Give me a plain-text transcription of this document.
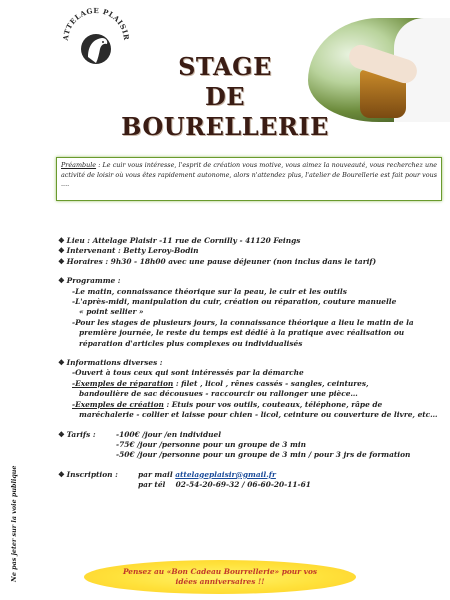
ATTELAGE PLAISIR
STAGE
DE
BOURELLERIE
Préambule : Le cuir vous intéresse, l'esprit de création vous motive, vous aimez la nouveauté, vous recherchez une activité de loisir où vous êtes rapidement autonome, alors n'attendez plus, l'atelier de Bourellerie est fait pour vous ....
❖ Lieu : Attelage Plaisir -11 rue de Cornilly - 41120 Feings
❖ Intervenant : Betty Leroy-Bodin
❖ Horaires : 9h30 - 18h00 avec une pause déjeuner (non inclus dans le tarif)
❖ Programme :
-Le matin, connaissance théorique sur la peau, le cuir et les outils
-L'après-midi, manipulation du cuir, création ou réparation, couture manuelle
« point sellier »
-Pour les stages de plusieurs jours, la connaissance théorique a lieu le matin de la
première journée, le reste du temps est dédié à la pratique avec réalisation ou
réparation d'articles plus complexes ou individualisés
❖ Informations diverses :
-Ouvert à tous ceux qui sont intéressés par la démarche
-Exemples de réparation : filet , licol , rênes cassés - sangles, ceintures,
bandoulière de sac décousues - raccourcir ou rallonger une pièce…
-Exemples de création : Etuis pour vos outils, couteaux, téléphone, râpe de
maréchalerie - collier et laisse pour chien - licol, ceinture ou couverture de livre, etc…
❖ Tarifs :	-100€ /jour /en individuel
-75€ /jour /personne pour un groupe de 3 min
-50€ /jour /personne pour un groupe de 3 min / pour 3 jrs de formation
❖ Inscription :	par mail attelageplaisir@gmail.fr
par tél 02-54-20-69-32 / 06-60-20-11-61
Ne pas jeter sur la voie publique	Pensez au «Bon Cadeau Bourrellerie» pour vos
idées anniversaires !!
